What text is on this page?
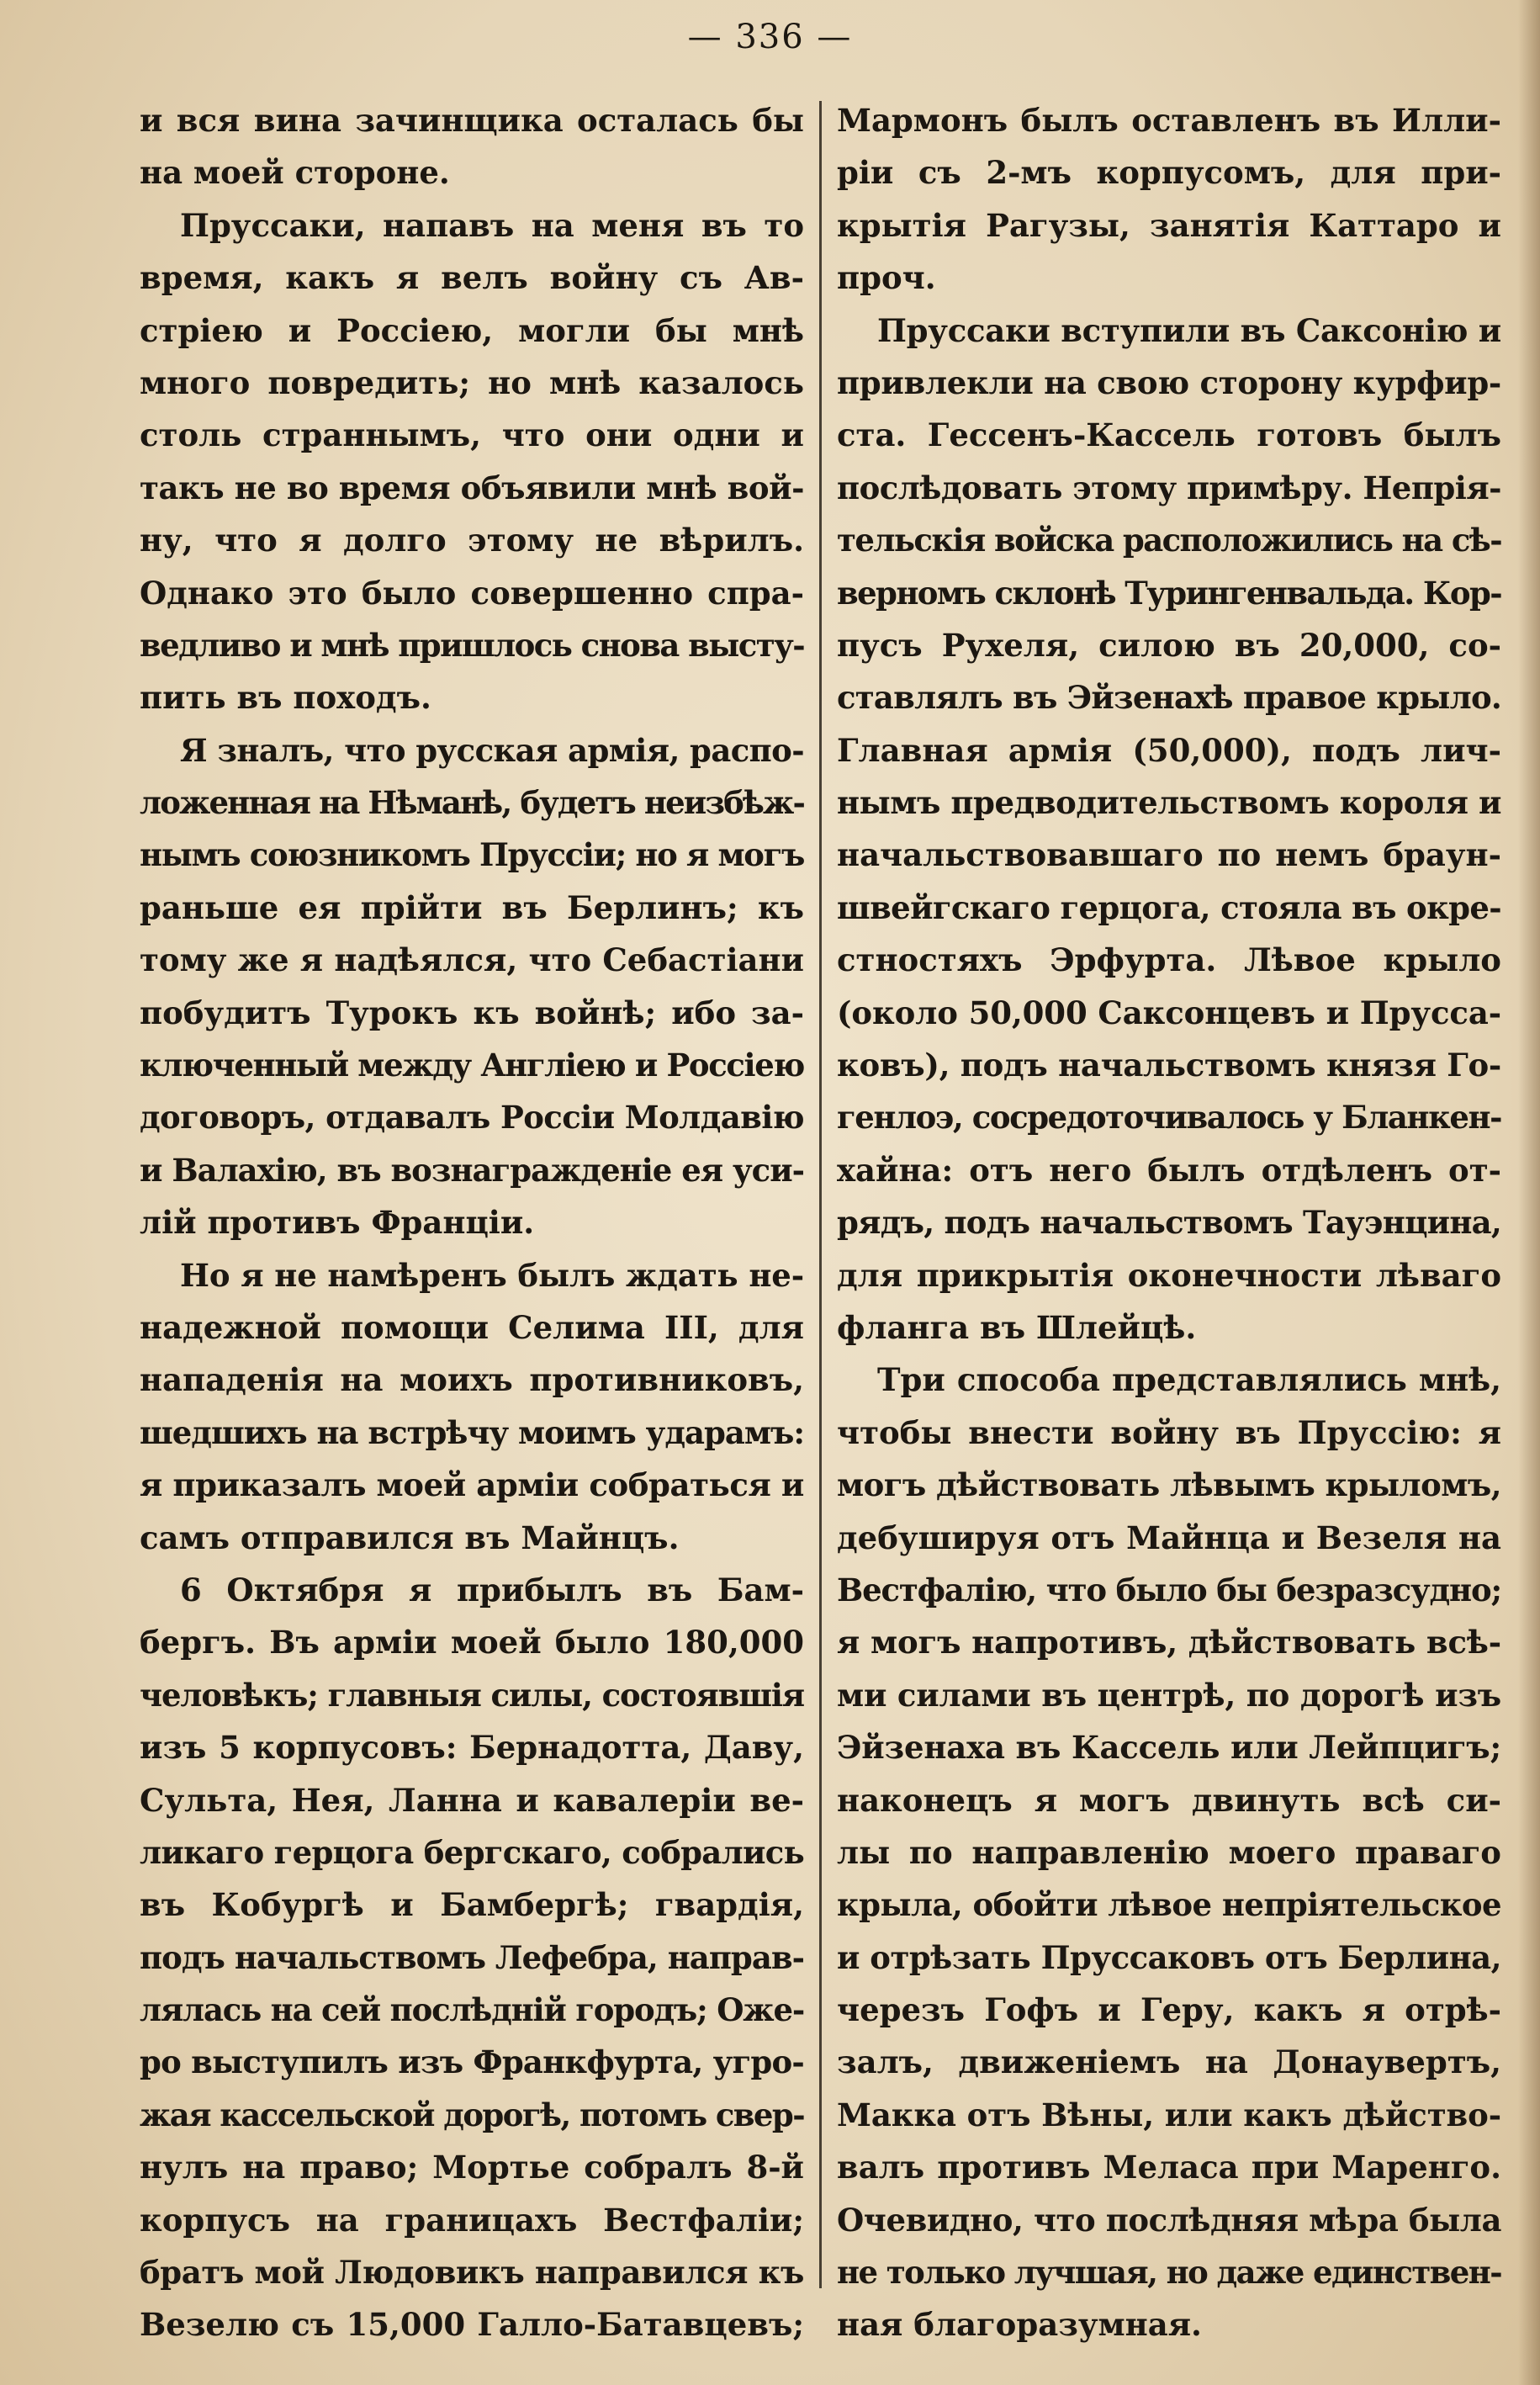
— 336 —
и вся вина зачинщика осталась бы
на моей стороне.
Пруссаки, напавъ на меня въ то
время, какъ я велъ войну съ Ав-
стріею и Россіею, могли бы мнѣ
много повредить; но мнѣ казалось
столь страннымъ, что они одни и
такъ не во время объявили мнѣ вой-
ну, что я долго этому не вѣрилъ.
Однако это было совершенно спра-
ведливо и мнѣ пришлось снова высту-
пить въ походъ.
Я зналъ, что русская армія, распо-
ложенная на Нѣманѣ, будетъ неизбѣж-
нымъ союзникомъ Пруссіи; но я могъ
раньше ея прійти въ Берлинъ; къ
тому же я надѣялся, что Себастіани
побудитъ Турокъ къ войнѣ; ибо за-
ключенный между Англіею и Россіею
договоръ, отдавалъ Россіи Молдавію
и Валахію, въ вознагражденіе ея уси-
лій противъ Франціи.
Но я не намѣренъ былъ ждать не-
надежной помощи Селима III, для
нападенія на моихъ противниковъ,
шедшихъ на встрѣчу моимъ ударамъ:
я приказалъ моей арміи собраться и
самъ отправился въ Майнцъ.
6 Октября я прибылъ въ Бам-
бергъ. Въ арміи моей было 180,000
человѣкъ; главныя силы, состоявшія
изъ 5 корпусовъ: Бернадотта, Даву,
Сульта, Нея, Ланна и кавалеріи ве-
ликаго герцога бергскаго, собрались
въ Кобургѣ и Бамбергѣ; гвардія,
подъ начальствомъ Лефебра, направ-
лялась на сей послѣдній городъ; Оже-
ро выступилъ изъ Франкфурта, угро-
жая кассельской дорогѣ, потомъ свер-
нулъ на право; Мортье собралъ 8-й
корпусъ на границахъ Вестфаліи;
братъ мой Людовикъ направился къ
Везелю съ 15,000 Галло-Батавцевъ;
Мармонъ былъ оставленъ въ Илли-
ріи съ 2-мъ корпусомъ, для при-
крытія Рагузы, занятія Каттаро и
проч.
Пруссаки вступили въ Саксонію и
привлекли на свою сторону курфир-
ста. Гессенъ-Кассель готовъ былъ
послѣдовать этому примѣру. Непрія-
тельскія войска расположились на сѣ-
верномъ склонѣ Турингенвальда. Кор-
пусъ Рухеля, силою въ 20,000, со-
ставлялъ въ Эйзенахѣ правое крыло.
Главная армія (50,000), подъ лич-
нымъ предводительствомъ короля и
начальствовавшаго по немъ браун-
швейгскаго герцога, стояла въ окре-
стностяхъ Эрфурта. Лѣвое крыло
(около 50,000 Саксонцевъ и Прусса-
ковъ), подъ начальствомъ князя Го-
генлоэ, сосредоточивалось у Бланкен-
хайна: отъ него былъ отдѣленъ от-
рядъ, подъ начальствомъ Тауэнцина,
для прикрытія оконечности лѣваго
фланга въ Шлейцѣ.
Три способа представлялись мнѣ,
чтобы внести войну въ Пруссію: я
могъ дѣйствовать лѣвымъ крыломъ,
дебушируя отъ Майнца и Везеля на
Вестфалію, что было бы безразсудно;
я могъ напротивъ, дѣйствовать всѣ-
ми силами въ центрѣ, по дорогѣ изъ
Эйзенаха въ Кассель или Лейпцигъ;
наконецъ я могъ двинуть всѣ си-
лы по направленію моего праваго
крыла, обойти лѣвое непріятельское
и отрѣзать Пруссаковъ отъ Берлина,
черезъ Гофъ и Геру, какъ я отрѣ-
залъ, движеніемъ на Донаувертъ,
Макка отъ Вѣны, или какъ дѣйство-
валъ противъ Меласа при Маренго.
Очевидно, что послѣдняя мѣра была
не только лучшая, но даже единствен-
ная благоразумная.
